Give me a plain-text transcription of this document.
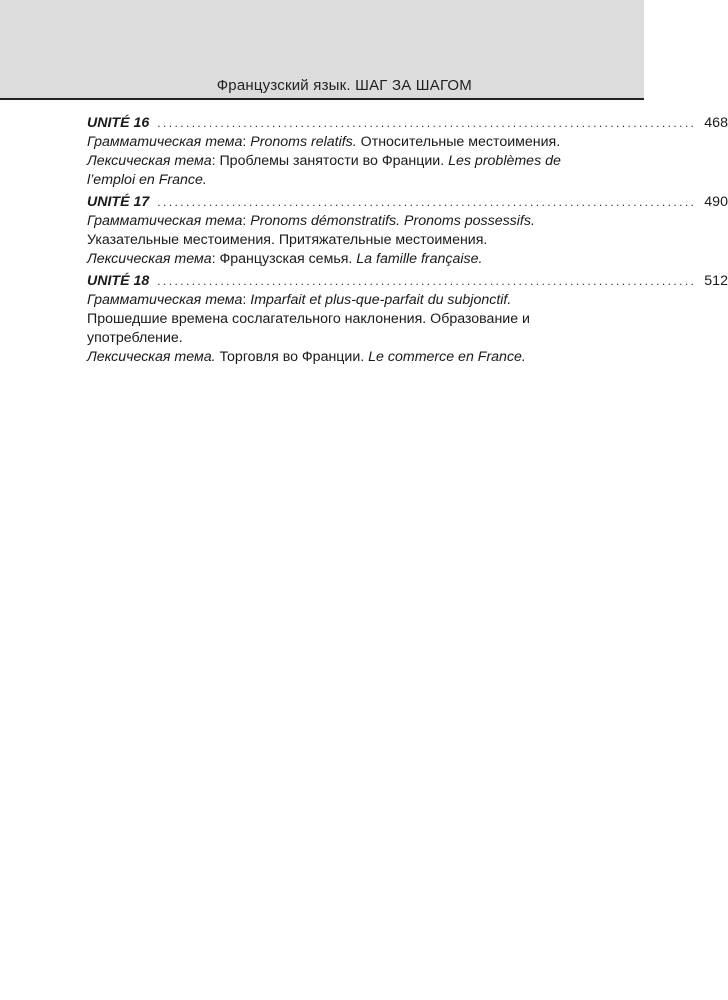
Французский язык. ШАГ ЗА ШАГОМ
UNITÉ 16 .............................................................................................. 468
Грамматическая тема: Pronoms relatifs. Относительные местоимения.
Лексическая тема: Проблемы занятости во Франции. Les problèmes de l’emploi en France.
UNITÉ 17 .............................................................................................. 490
Грамматическая тема: Pronoms démonstratifs. Pronoms possessifs. Указательные местоимения. Притяжательные местоимения.
Лексическая тема: Французская семья. La famille française.
UNITÉ 18 .............................................................................................. 512
Грамматическая тема: Imparfait et plus-que-parfait du subjonctif. Прошедшие времена сослагательного наклонения. Образование и употребление.
Лексическая тема. Торговля во Франции. Le commerce en France.
